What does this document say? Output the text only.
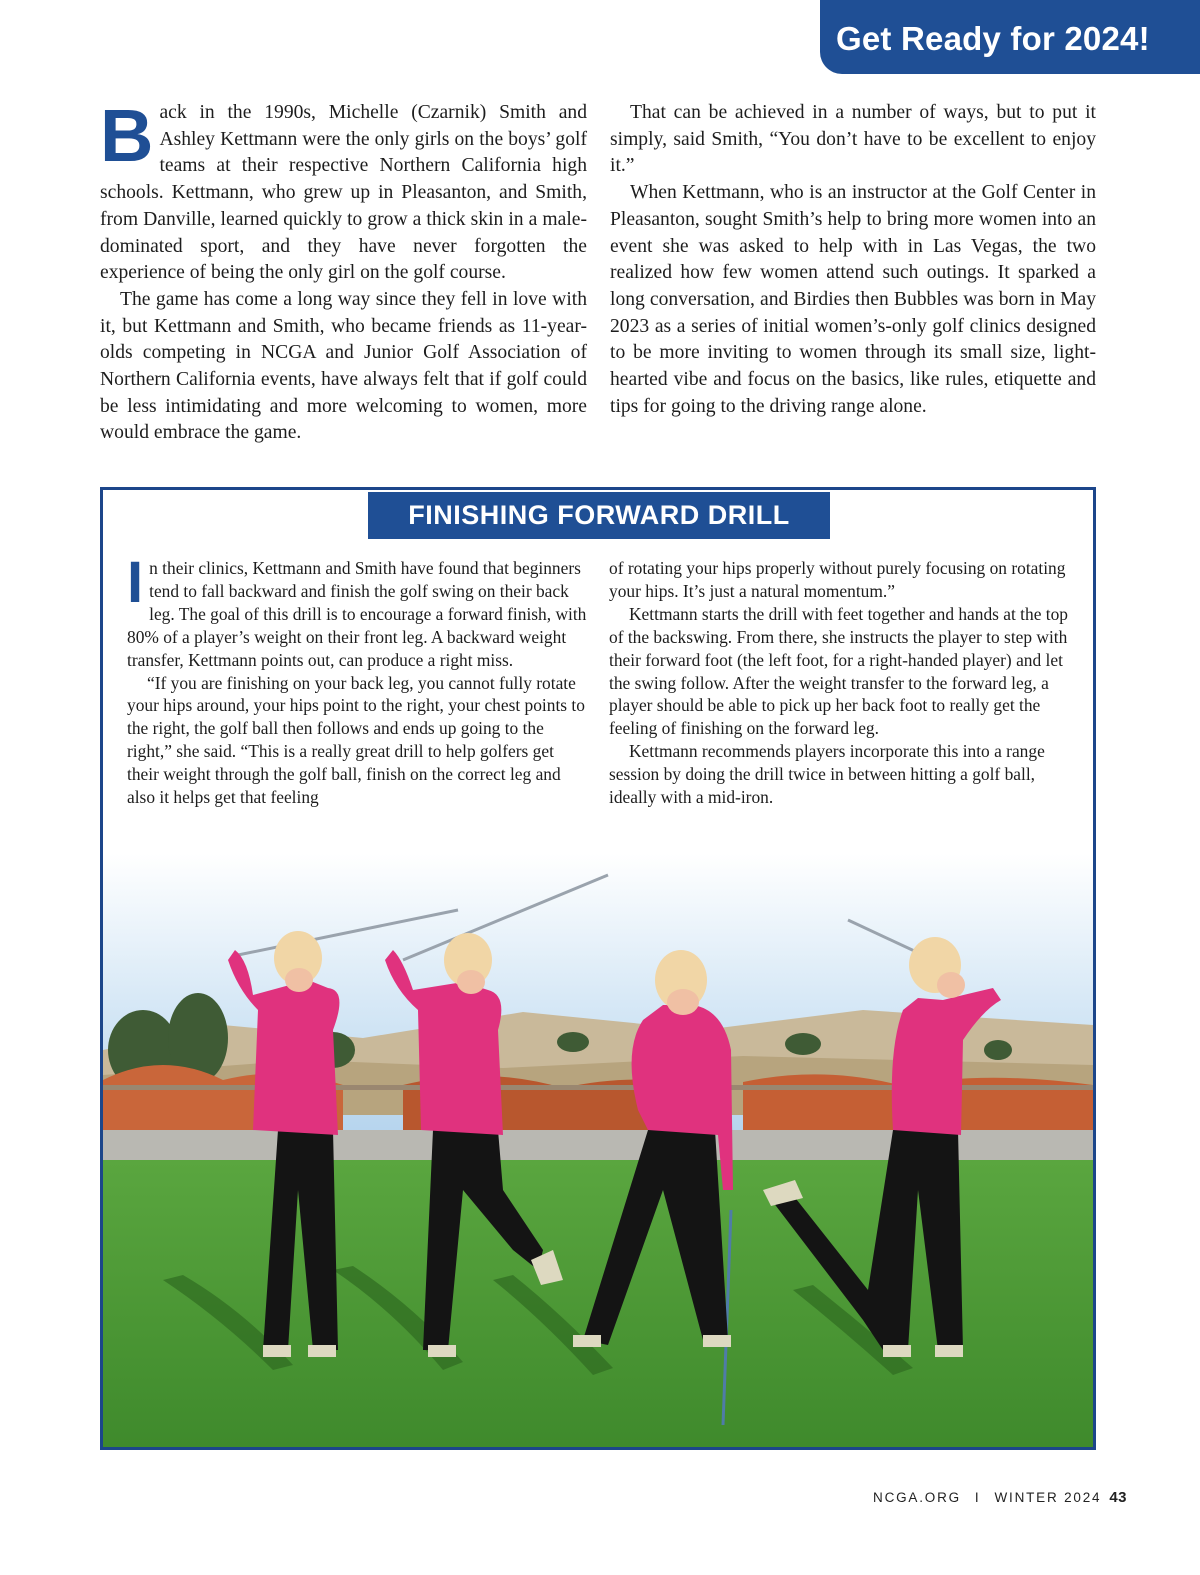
Get Ready for 2024!

Back in the 1990s, Michelle (Czarnik) Smith and Ashley Kettmann were the only girls on the boys’ golf teams at their respective Northern California high schools. Kettmann, who grew up in Pleasanton, and Smith, from Danville, learned quickly to grow a thick skin in a male-dominated sport, and they have never forgotten the experience of being the only girl on the golf course.

The game has come a long way since they fell in love with it, but Kettmann and Smith, who became friends as 11-year-olds competing in NCGA and Junior Golf Association of Northern California events, have always felt that if golf could be less intimidating and more welcoming to women, more would embrace the game.

That can be achieved in a number of ways, but to put it simply, said Smith, “You don’t have to be excellent to enjoy it.”

When Kettmann, who is an instructor at the Golf Center in Pleasanton, sought Smith’s help to bring more women into an event she was asked to help with in Las Vegas, the two realized how few women attend such outings. It sparked a long conversation, and Birdies then Bubbles was born in May 2023 as a series of initial women’s-only golf clinics designed to be more inviting to women through its small size, light-hearted vibe and focus on the basics, like rules, etiquette and tips for going to the driving range alone.

FINISHING FORWARD DRILL

In their clinics, Kettmann and Smith have found that beginners tend to fall backward and finish the golf swing on their back leg. The goal of this drill is to encourage a forward finish, with 80% of a player’s weight on their front leg. A backward weight transfer, Kettmann points out, can produce a right miss.

“If you are finishing on your back leg, you cannot fully rotate your hips around, your hips point to the right, your chest points to the right, the golf ball then follows and ends up going to the right,” she said. “This is a really great drill to help golfers get their weight through the golf ball, finish on the correct leg and also it helps get that feeling

of rotating your hips properly without purely focusing on rotating your hips. It’s just a natural momentum.”

Kettmann starts the drill with feet together and hands at the top of the backswing. From there, she instructs the player to step with their forward foot (the left foot, for a right-handed player) and let the swing follow. After the weight transfer to the forward leg, a player should be able to pick up her back foot to really get the feeling of finishing on the forward leg.

Kettmann recommends players incorporate this into a range session by doing the drill twice in between hitting a golf ball, ideally with a mid-iron.

NCGA.ORG I WINTER 2024 43
